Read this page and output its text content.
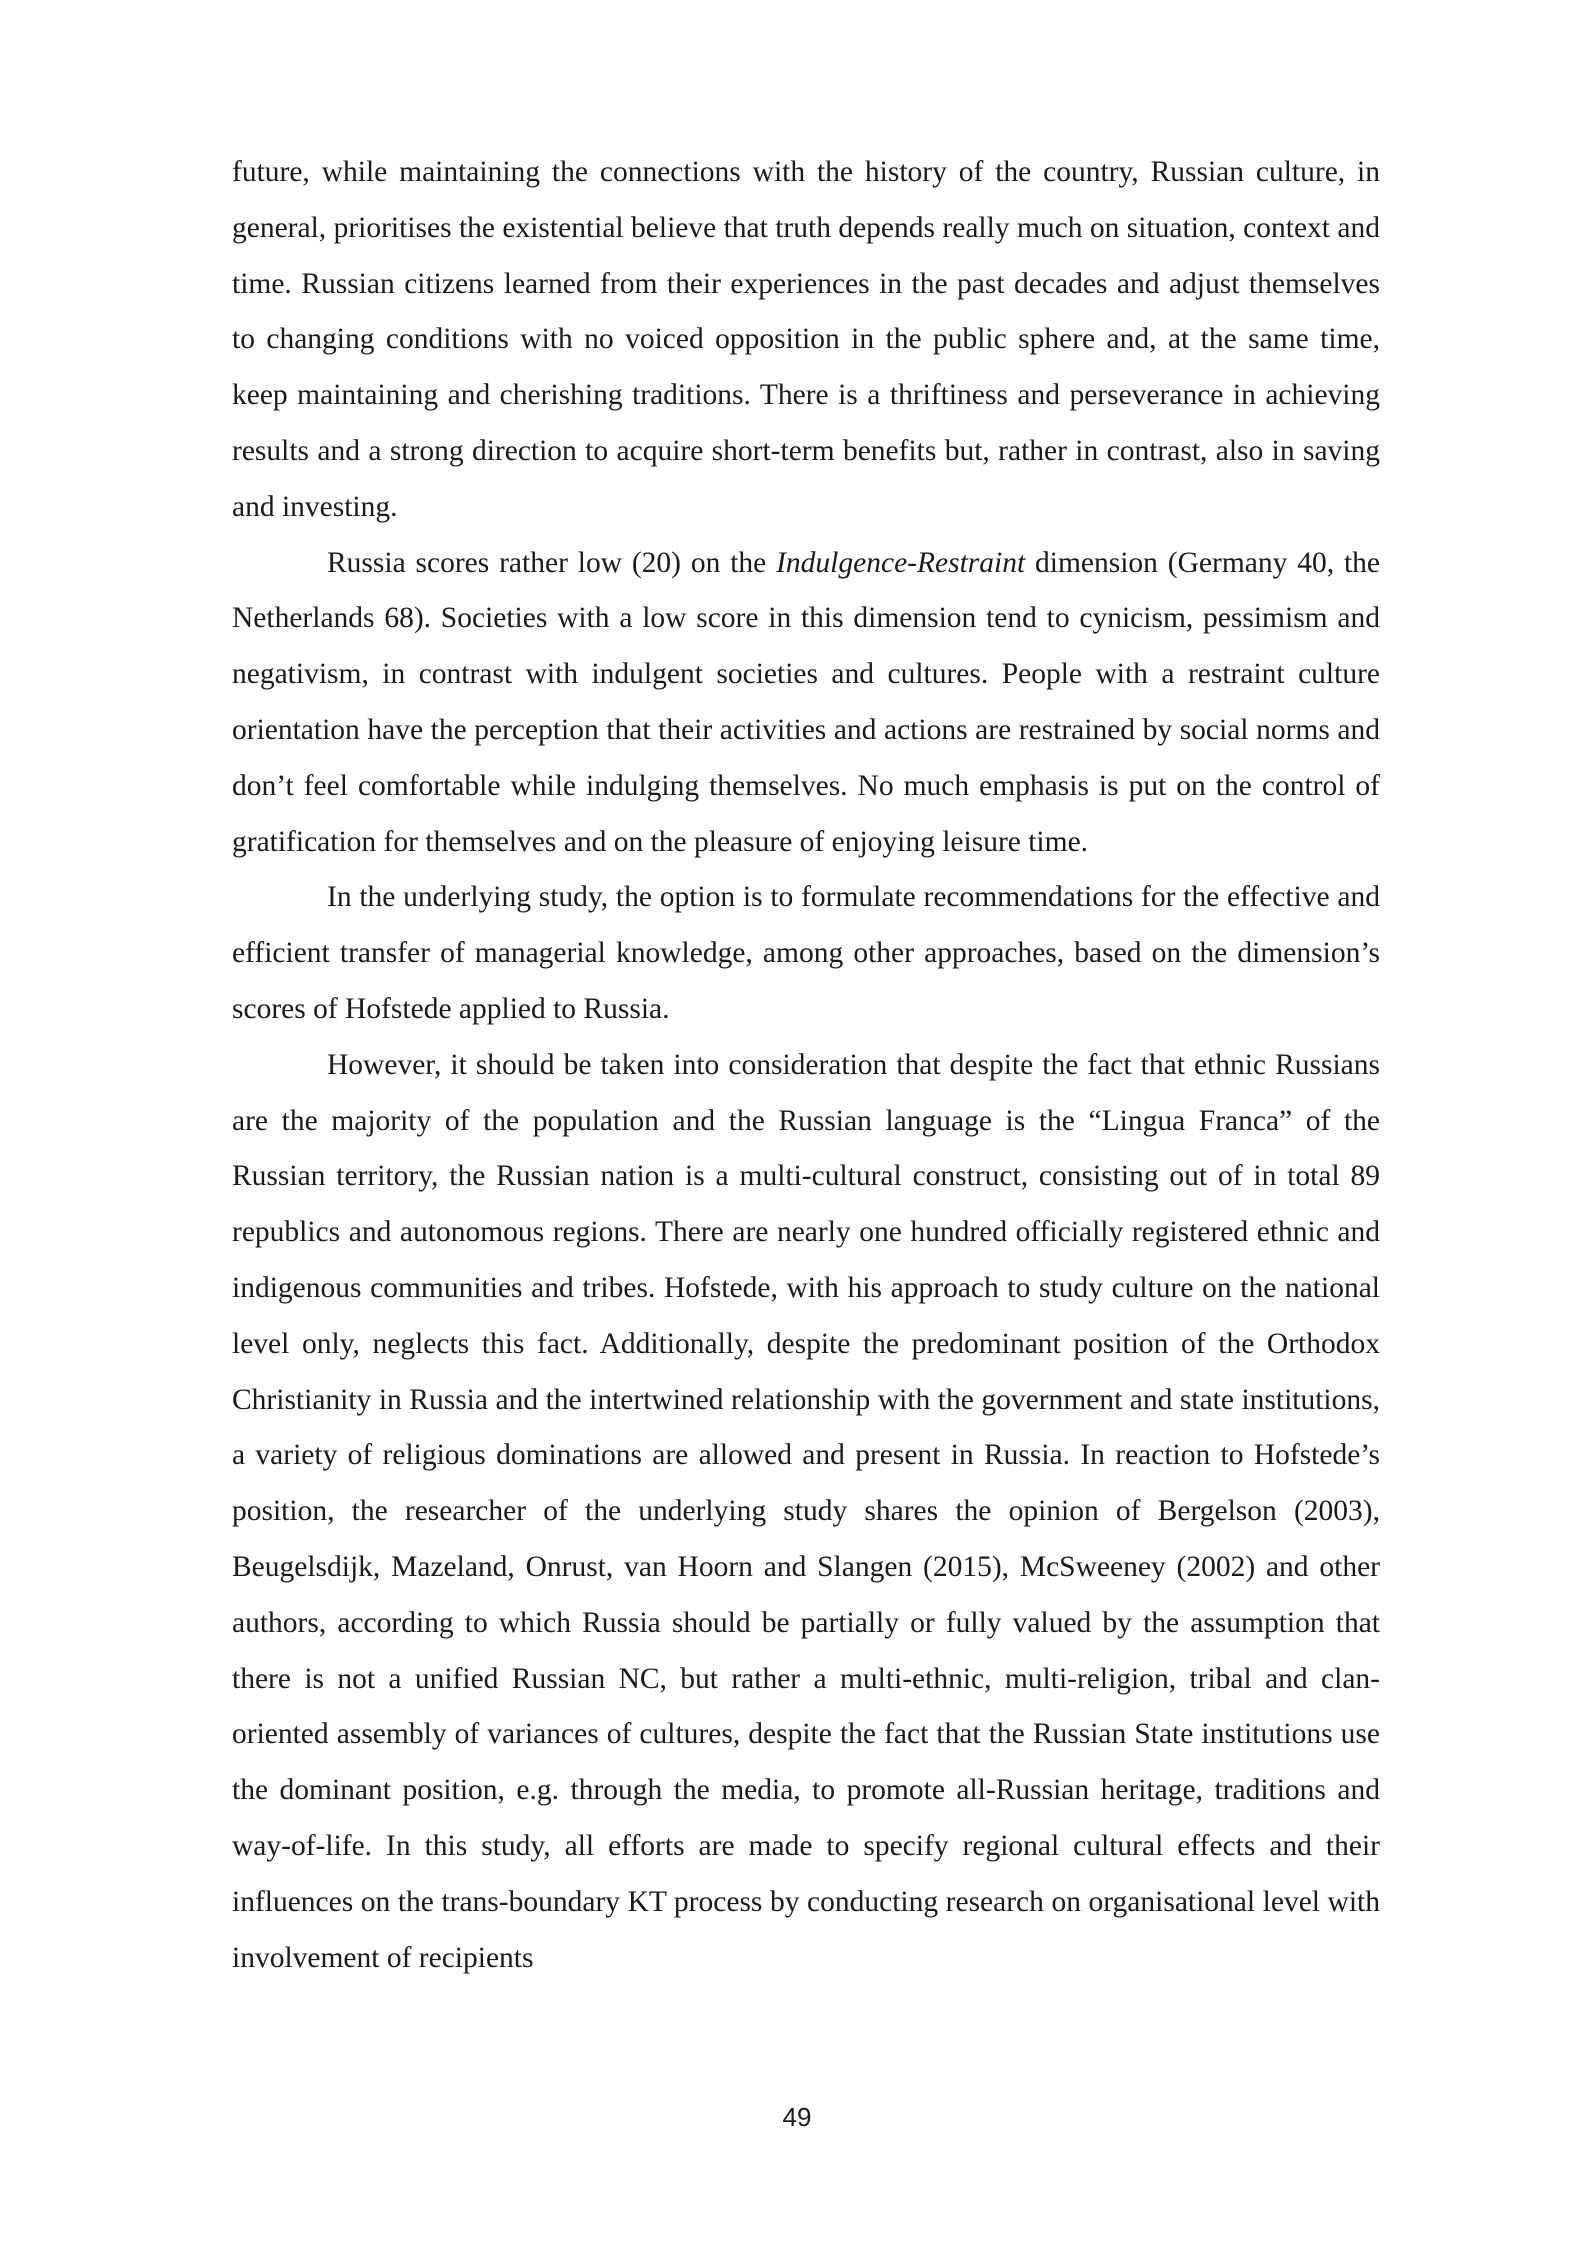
future, while maintaining the connections with the history of the country, Russian culture, in general, prioritises the existential believe that truth depends really much on situation, context and time. Russian citizens learned from their experiences in the past decades and adjust themselves to changing conditions with no voiced opposition in the public sphere and, at the same time, keep maintaining and cherishing traditions. There is a thriftiness and perseverance in achieving results and a strong direction to acquire short-term benefits but, rather in contrast, also in saving and investing.

Russia scores rather low (20) on the Indulgence-Restraint dimension (Germany 40, the Netherlands 68). Societies with a low score in this dimension tend to cynicism, pessimism and negativism, in contrast with indulgent societies and cultures. People with a restraint culture orientation have the perception that their activities and actions are restrained by social norms and don’t feel comfortable while indulging themselves. No much emphasis is put on the control of gratification for themselves and on the pleasure of enjoying leisure time.

In the underlying study, the option is to formulate recommendations for the effective and efficient transfer of managerial knowledge, among other approaches, based on the dimension’s scores of Hofstede applied to Russia.

However, it should be taken into consideration that despite the fact that ethnic Russians are the majority of the population and the Russian language is the “Lingua Franca” of the Russian territory, the Russian nation is a multi-cultural construct, consisting out of in total 89 republics and autonomous regions. There are nearly one hundred officially registered ethnic and indigenous communities and tribes. Hofstede, with his approach to study culture on the national level only, neglects this fact. Additionally, despite the predominant position of the Orthodox Christianity in Russia and the intertwined relationship with the government and state institutions, a variety of religious dominations are allowed and present in Russia. In reaction to Hofstede’s position, the researcher of the underlying study shares the opinion of Bergelson (2003), Beugelsdijk, Mazeland, Onrust, van Hoorn and Slangen (2015), McSweeney (2002) and other authors, according to which Russia should be partially or fully valued by the assumption that there is not a unified Russian NC, but rather a multi-ethnic, multi-religion, tribal and clan-oriented assembly of variances of cultures, despite the fact that the Russian State institutions use the dominant position, e.g. through the media, to promote all-Russian heritage, traditions and way-of-life. In this study, all efforts are made to specify regional cultural effects and their influences on the trans-boundary KT process by conducting research on organisational level with involvement of recipients

49
